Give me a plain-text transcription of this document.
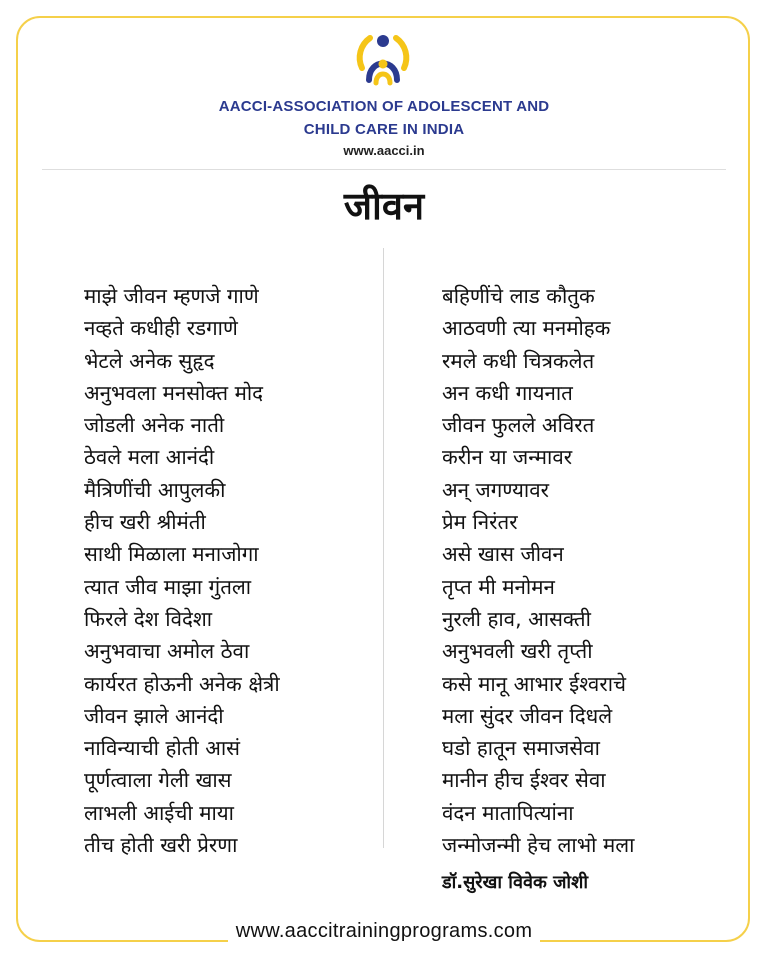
AACCI-ASSOCIATION OF ADOLESCENT AND
CHILD CARE IN INDIA
www.aacci.in
जीवन
माझे जीवन म्हणजे गाणे
नव्हते कधीही रडगाणे
भेटले अनेक सुहृद
अनुभवला मनसोक्त मोद
जोडली अनेक नाती
ठेवले मला आनंदी
मैत्रिणींची आपुलकी
हीच खरी श्रीमंती
साथी मिळाला मनाजोगा
त्यात जीव माझा गुंतला
फिरले देश विदेशा
अनुभवाचा अमोल ठेवा
कार्यरत होऊनी अनेक क्षेत्री
जीवन झाले आनंदी
नाविन्याची होती आसं
पूर्णत्वाला गेली खास
लाभली आईची माया
तीच होती खरी प्रेरणा
बहिणींचे लाड कौतुक
आठवणी त्या मनमोहक
रमले कधी चित्रकलेत
अन कधी गायनात
जीवन फुलले अविरत
करीन या जन्मावर
अन् जगण्यावर
प्रेम निरंतर
असे खास जीवन
तृप्त मी मनोमन
नुरली हाव, आसक्ती
अनुभवली खरी तृप्ती
कसे मानू आभार ईश्वराचे
मला सुंदर जीवन दिधले
घडो हातून समाजसेवा
मानीन हीच ईश्वर सेवा
वंदन मातापित्यांना
जन्मोजन्मी हेच लाभो मला
डॉ.सुरेखा विवेक जोशी
www.aaccitrainingprograms.com
